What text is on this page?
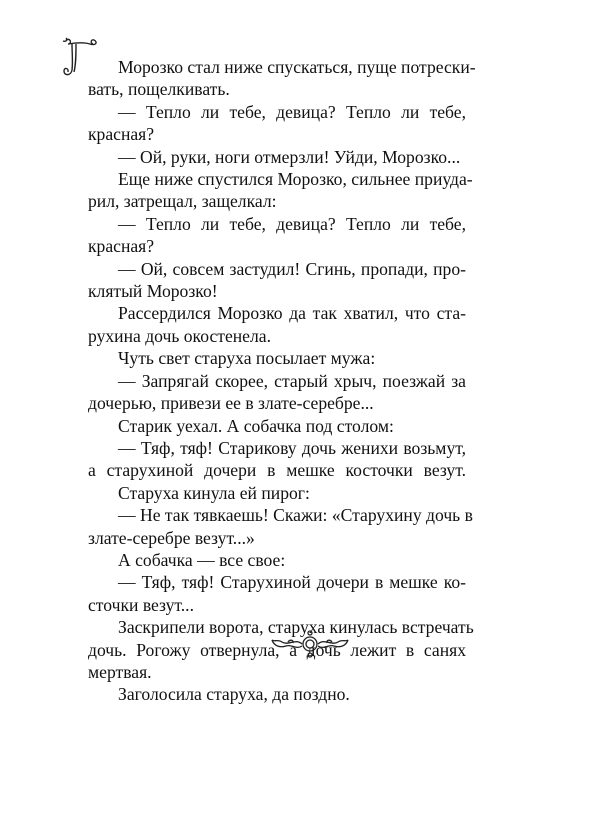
Морозко стал ниже спускаться, пуще потрески-
вать, пощелкивать.
— Тепло ли тебе, девица? Тепло ли тебе,
красная?
— Ой, руки, ноги отмерзли! Уйди, Морозко...
Еще ниже спустился Морозко, сильнее приуда-
рил, затрещал, защелкал:
— Тепло ли тебе, девица? Тепло ли тебе,
красная?
— Ой, совсем застудил! Сгинь, пропади, про-
клятый Морозко!
Рассердился Морозко да так хватил, что ста-
рухина дочь окостенела.
Чуть свет старуха посылает мужа:
— Запрягай скорее, старый хрыч, поезжай за
дочерью, привези ее в злате-серебре...
Старик уехал. А собачка под столом:
— Тяф, тяф! Старикову дочь женихи возьмут,
а старухиной дочери в мешке косточки везут.
Старуха кинула ей пирог:
— Не так тявкаешь! Скажи: «Старухину дочь в
злате-серебре везут...»
А собачка — все свое:
— Тяф, тяф! Старухиной дочери в мешке ко-
сточки везут...
Заскрипели ворота, старуха кинулась встречать
дочь. Рогожу отвернула, а дочь лежит в санях
мертвая.
Заголосила старуха, да поздно.
